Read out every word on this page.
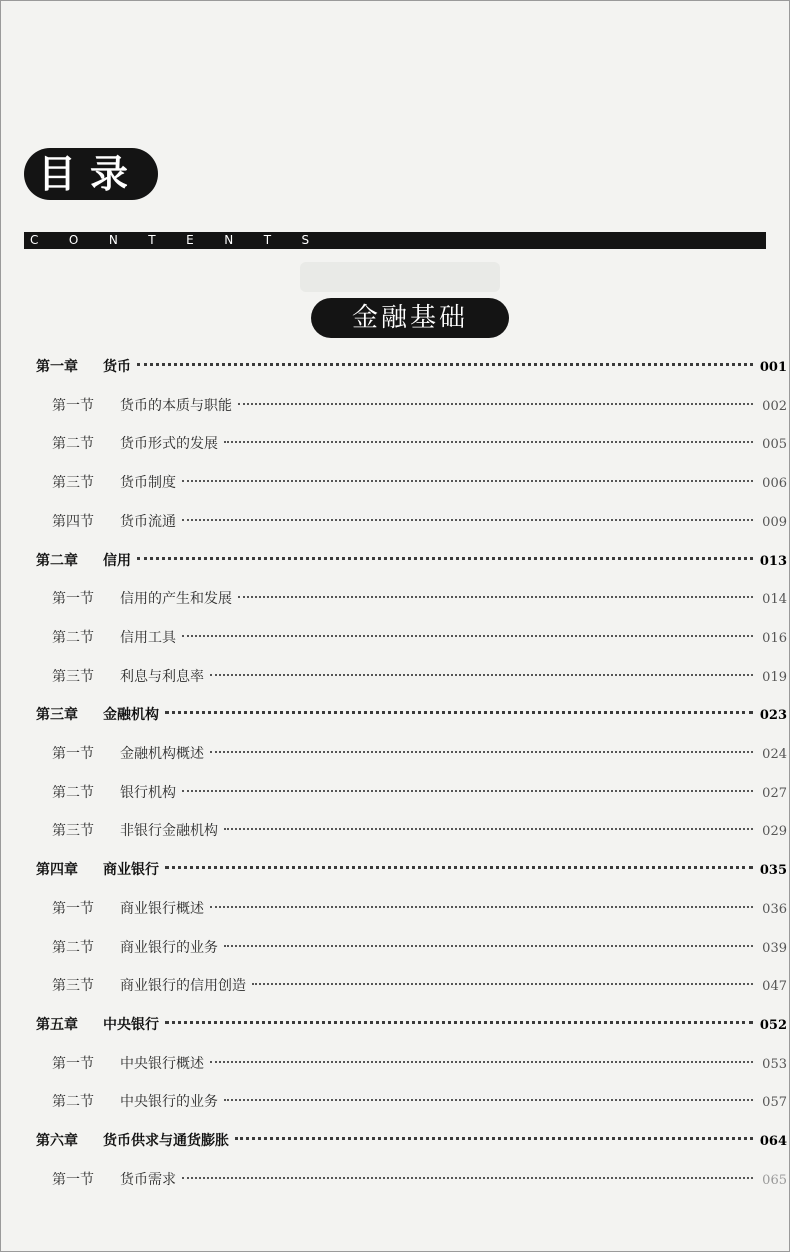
目录
CONTENTS
金融基础
第一章	货币	001
第一节	货币的本质与职能	002
第二节	货币形式的发展	005
第三节	货币制度	006
第四节	货币流通	009
第二章	信用	013
第一节	信用的产生和发展	014
第二节	信用工具	016
第三节	利息与利息率	019
第三章	金融机构	023
第一节	金融机构概述	024
第二节	银行机构	027
第三节	非银行金融机构	029
第四章	商业银行	035
第一节	商业银行概述	036
第二节	商业银行的业务	039
第三节	商业银行的信用创造	047
第五章	中央银行	052
第一节	中央银行概述	053
第二节	中央银行的业务	057
第六章	货币供求与通货膨胀	064
第一节	货币需求	065
